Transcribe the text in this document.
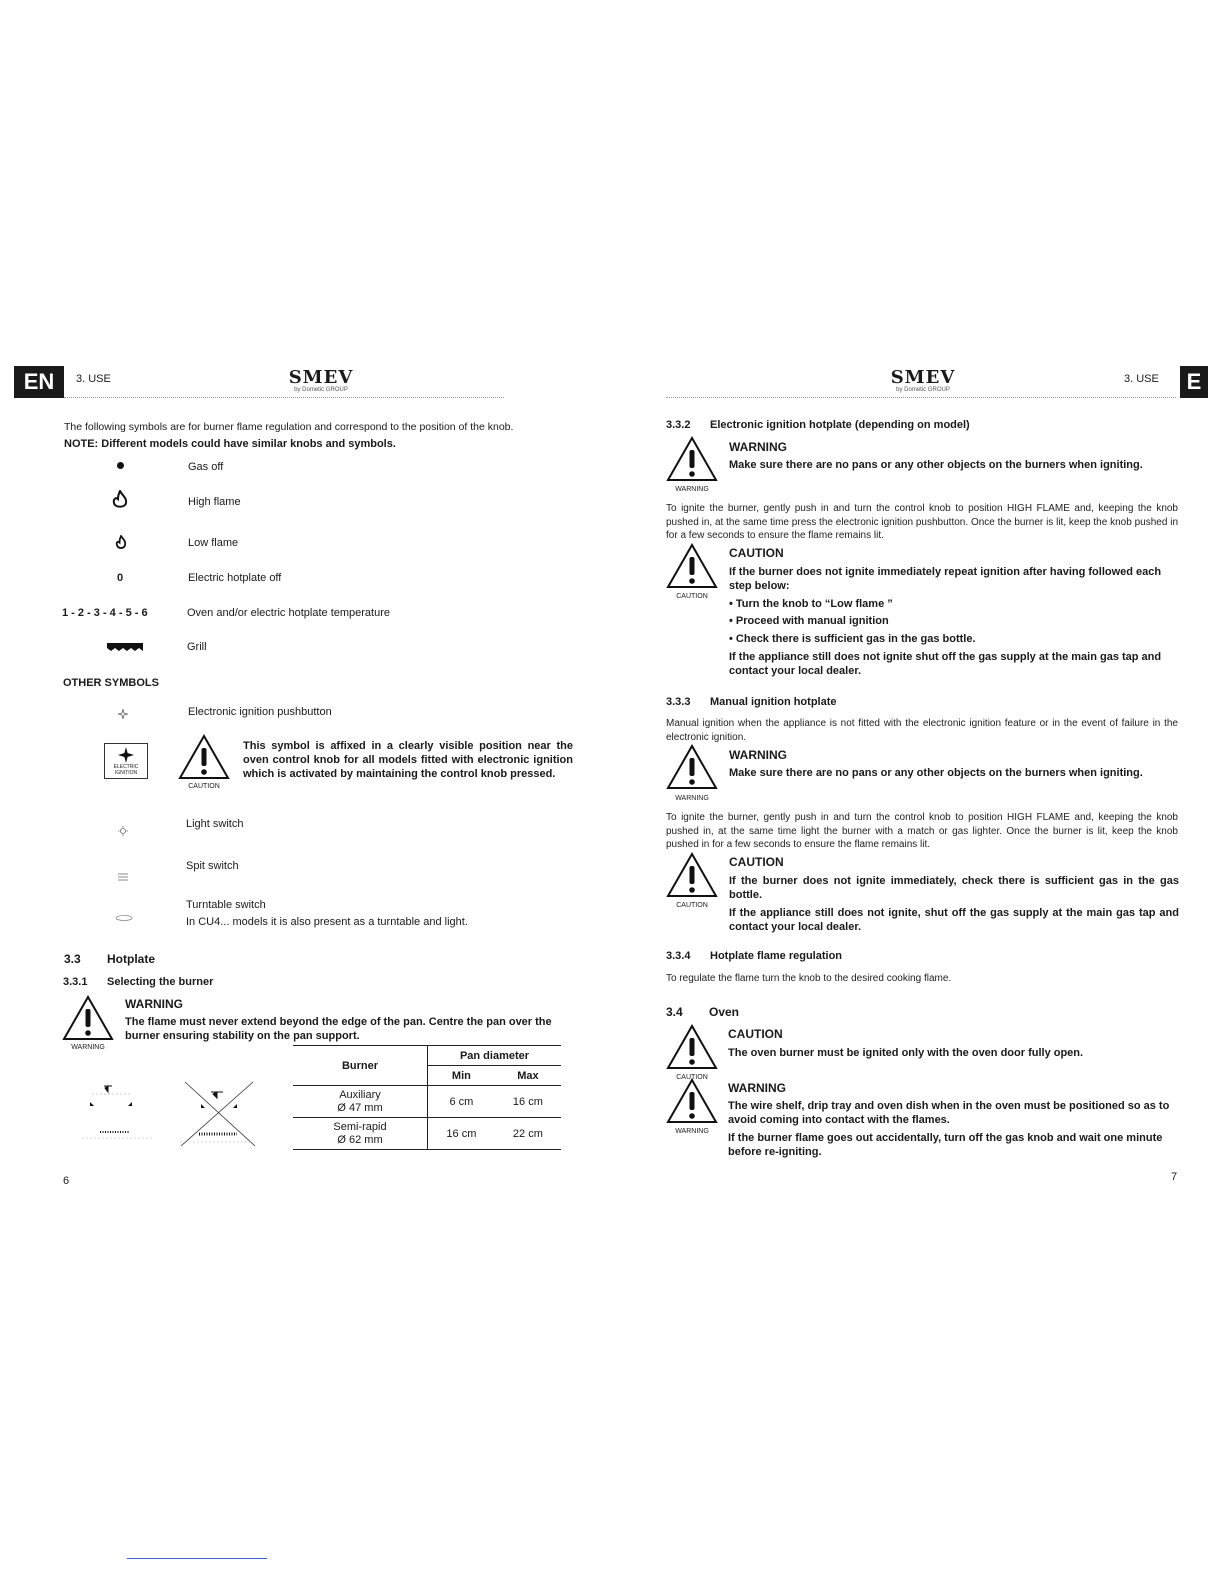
EN	3. USE	SMEV
by Dometic GROUP
The following symbols are for burner flame regulation and correspond to the position of the knob.
NOTE: Different models could have similar knobs and symbols.
Gas off
High flame
Low flame
0	Electric hotplate off
1 - 2 - 3 - 4 - 5 - 6	Oven and/or electric hotplate temperature
Grill
OTHER SYMBOLS
Electronic ignition pushbutton
ELECTRIC IGNITION
CAUTION
This symbol is affixed in a clearly visible position near the oven control knob for all models fitted with electronic ignition which is activated by maintaining the control knob pressed.
Light switch
Spit switch
Turntable switch
In CU4... models it is also present as a turntable and light.
3.3 Hotplate
3.3.1 Selecting the burner
WARNING
WARNING
The flame must never extend beyond the edge of the pan. Centre the pan over the burner ensuring stability on the pan support.
Burner	Pan diameter	
	Min	Max

Auxiliary
Ø 47 mm	6 cm	16 cm

Semi-rapid
Ø 62 mm	16 cm	22 cm
6
SMEV
by Dometic GROUP
3. USE	E
3.3.2 Electronic ignition hotplate (depending on model)
WARNING
WARNING
Make sure there are no pans or any other objects on the burners when igniting.
To ignite the burner, gently push in and turn the control knob to position HIGH FLAME and, keeping the knob pushed in, at the same time press the electronic ignition pushbutton. Once the burner is lit, keep the knob pushed in for a few seconds to ensure the flame remains lit.
CAUTION
CAUTION
If the burner does not ignite immediately repeat ignition after having followed each step below:
• Turn the knob to “Low flame ”
• Proceed with manual ignition
• Check there is sufficient gas in the gas bottle.
If the appliance still does not ignite shut off the gas supply at the main gas tap and contact your local dealer.
3.3.3 Manual ignition hotplate
Manual ignition when the appliance is not fitted with the electronic ignition feature or in the event of failure in the electronic ignition.
WARNING
WARNING
Make sure there are no pans or any other objects on the burners when igniting.
To ignite the burner, gently push in and turn the control knob to position HIGH FLAME and, keeping the knob pushed in, at the same time light the burner with a match or gas lighter. Once the burner is lit, keep the knob pushed in for a few seconds to ensure the flame remains lit.
CAUTION
CAUTION
If the burner does not ignite immediately, check there is sufficient gas in the gas bottle.
If the appliance still does not ignite, shut off the gas supply at the main gas tap and contact your local dealer.
3.3.4 Hotplate flame regulation
To regulate the flame turn the knob to the desired cooking flame.
3.4 Oven
CAUTION
CAUTION
The oven burner must be ignited only with the oven door fully open.
WARNING
WARNING
The wire shelf, drip tray and oven dish when in the oven must be positioned so as to avoid coming into contact with the flames.
If the burner flame goes out accidentally, turn off the gas knob and wait one minute before re-igniting.
7
